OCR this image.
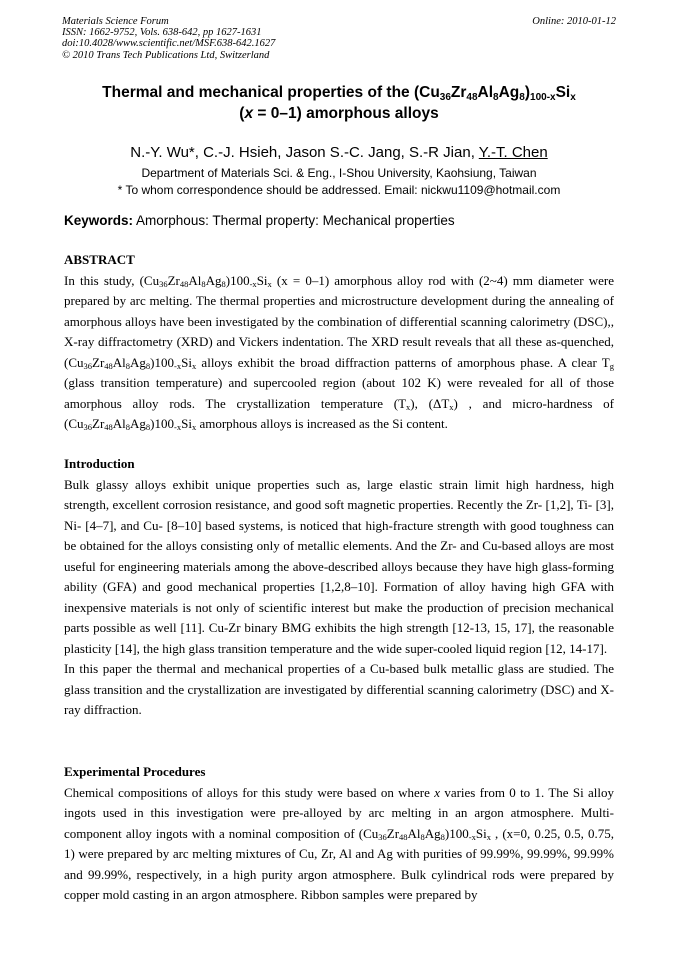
Materials Science Forum
ISSN: 1662-9752, Vols. 638-642, pp 1627-1631
doi:10.4028/www.scientific.net/MSF.638-642.1627
© 2010 Trans Tech Publications Ltd, Switzerland
Online: 2010-01-12
Thermal and mechanical properties of the $(Cu_{36}Zr_{48}Al_8Ag_8)_{100-x}Si_x$
(x = 0–1) amorphous alloys
N.-Y. Wu*, C.-J. Hsieh, Jason S.-C. Jang, S.-R Jian, Y.-T. Chen
Department of Materials Sci. & Eng., I-Shou University, Kaohsiung, Taiwan
* To whom correspondence should be addressed. Email: nickwu1109@hotmail.com
Keywords: Amorphous: Thermal property: Mechanical properties
ABSTRACT

In this study, $(Cu_{36}Zr_{48}Al_8Ag_8)100_{-x}Si_x$ (x = 0–1) amorphous alloy rod with (2~4) mm diameter were prepared by arc melting. The thermal properties and microstructure development during the annealing of amorphous alloys have been investigated by the combination of differential scanning calorimetry (DSC),, X-ray diffractometry (XRD) and Vickers indentation. The XRD result reveals that all these as-quenched, $(Cu_{36}Zr_{48}Al_8Ag_8)100_{-x}Si_x$ alloys exhibit the broad diffraction patterns of amorphous phase. A clear $T_g$ (glass transition temperature) and supercooled region (about 102 K) were revealed for all of those amorphous alloy rods. The crystallization temperature $(T_x)$, $(\Delta T_x)$ , and micro-hardness of $(Cu_{36}Zr_{48}Al_8Ag_8)100_{-x}Si_x$ amorphous alloys is increased as the Si content.

Introduction

Bulk glassy alloys exhibit unique properties such as, large elastic strain limit high hardness, high strength, excellent corrosion resistance, and good soft magnetic properties. Recently the Zr- [1,2], Ti- [3], Ni- [4–7], and Cu- [8–10] based systems, is noticed that high-fracture strength with good toughness can be obtained for the alloys consisting only of metallic elements. And the Zr- and Cu-based alloys are most useful for engineering materials among the above-described alloys because they have high glass-forming ability (GFA) and good mechanical properties [1,2,8–10]. Formation of alloy having high GFA with inexpensive materials is not only of scientific interest but make the production of precision mechanical parts possible as well [11]. Cu-Zr binary BMG exhibits the high strength [12-13, 15, 17], the reasonable plasticity [14], the high glass transition temperature and the wide super-cooled liquid region [12, 14-17].

In this paper the thermal and mechanical properties of a Cu-based bulk metallic glass are studied. The glass transition and the crystallization are investigated by differential scanning calorimetry (DSC) and X-ray diffraction.

Experimental Procedures

Chemical compositions of alloys for this study were based on where x varies from 0 to 1. The Si alloy ingots used in this investigation were pre-alloyed by arc melting in an argon atmosphere. Multi-component alloy ingots with a nominal composition of $(Cu_{36}Zr_{48}Al_8Ag_8)100_{-x}Si_x$ , (x=0, 0.25, 0.5, 0.75, 1) were prepared by arc melting mixtures of Cu, Zr, Al and Ag with purities of 99.99%, 99.99%, 99.99% and 99.99%, respectively, in a high purity argon atmosphere. Bulk cylindrical rods were prepared by copper mold casting in an argon atmosphere. Ribbon samples were prepared by
